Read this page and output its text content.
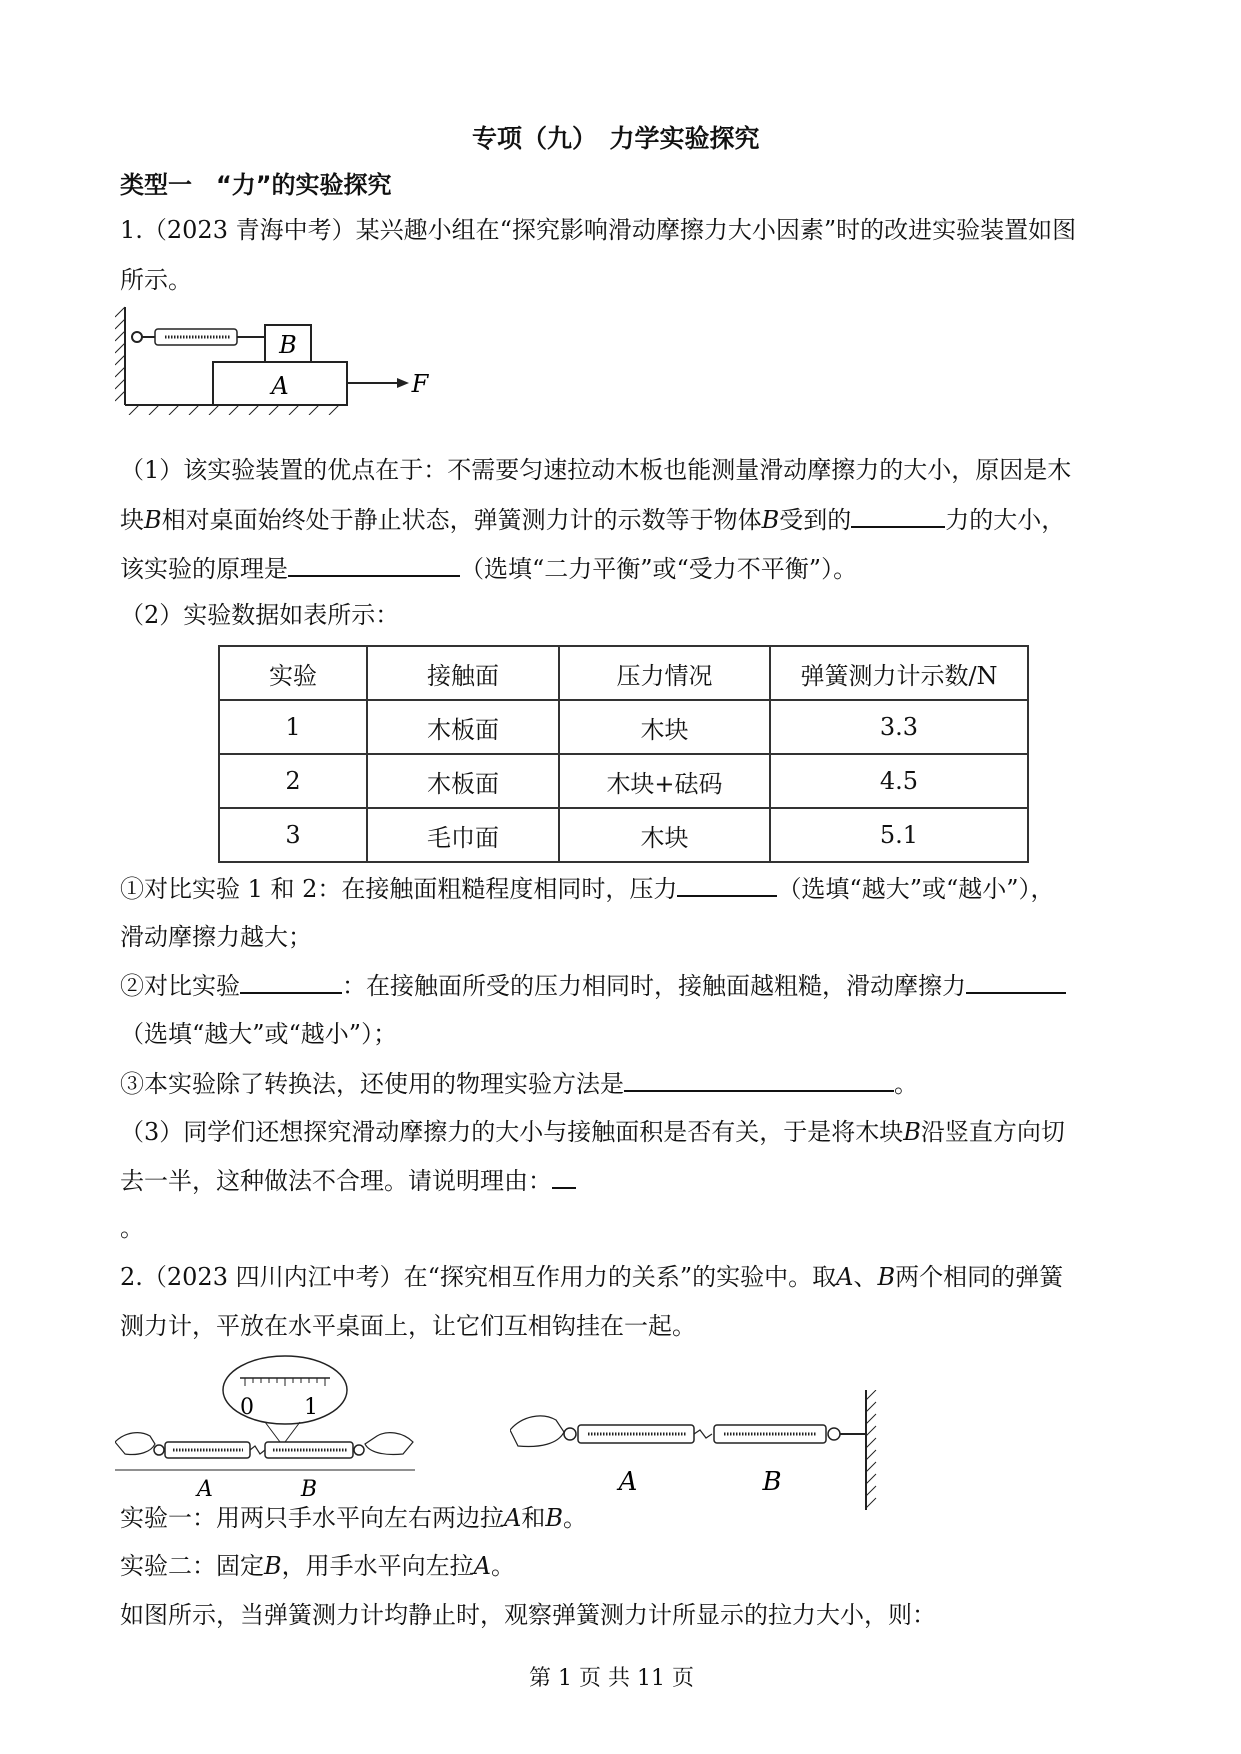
专项（九）　力学实验探究
类型一　“力”的实验探究
1.（2023 青海中考）某兴趣小组在“探究影响滑动摩擦力大小因素”时的改进实验装置如图
所示。
B
A	F
（1）该实验装置的优点在于：不需要匀速拉动木板也能测量滑动摩擦力的大小，原因是木
块B相对桌面始终处于静止状态，弹簧测力计的示数等于物体B受到的	力的大小，
该实验的原理是	（选填“二力平衡”或“受力不平衡”）。
（2）实验数据如表所示：
实验	接触面	压力情况	弹簧测力计示数/N
1	木板面	木块	3.3
2	木板面	木块+砝码	4.5
3	毛巾面	木块	5.1
①对比实验 1 和 2：在接触面粗糙程度相同时，压力	（选填“越大”或“越小”），
滑动摩擦力越大；
②对比实验	：在接触面所受的压力相同时，接触面越粗糙，滑动摩擦力
（选填“越大”或“越小”）；
③本实验除了转换法，还使用的物理实验方法是	。
（3）同学们还想探究滑动摩擦力的大小与接触面积是否有关，于是将木块B沿竖直方向切
去一半，这种做法不合理。请说明理由：
。
2.（2023 四川内江中考）在“探究相互作用力的关系”的实验中。取A、B两个相同的弹簧
测力计，平放在水平桌面上，让它们互相钩挂在一起。
0 1
A	B	A	B
实验一：用两只手水平向左右两边拉A和B。
实验二：固定B，用手水平向左拉A。
如图所示，当弹簧测力计均静止时，观察弹簧测力计所显示的拉力大小，则：
第 1 页 共 11 页
